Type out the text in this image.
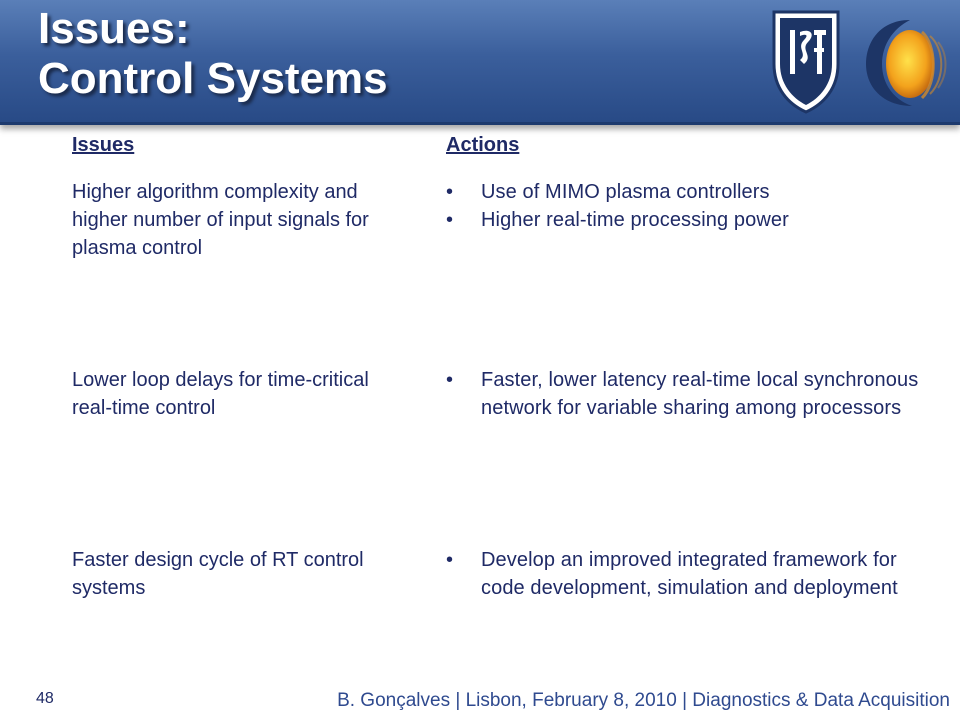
Issues:
Control Systems
Issues	Actions
Higher algorithm complexity and higher number of input signals for plasma control
• Use of MIMO plasma controllers
• Higher real-time processing power
Lower loop delays for time-critical real-time control
• Faster, lower latency real-time local synchronous network for variable sharing among processors
Faster design cycle of RT control systems
• Develop an improved integrated framework for code development, simulation and deployment
48	B. Gonçalves | Lisbon, February 8, 2010 | Diagnostics & Data Acquisition
